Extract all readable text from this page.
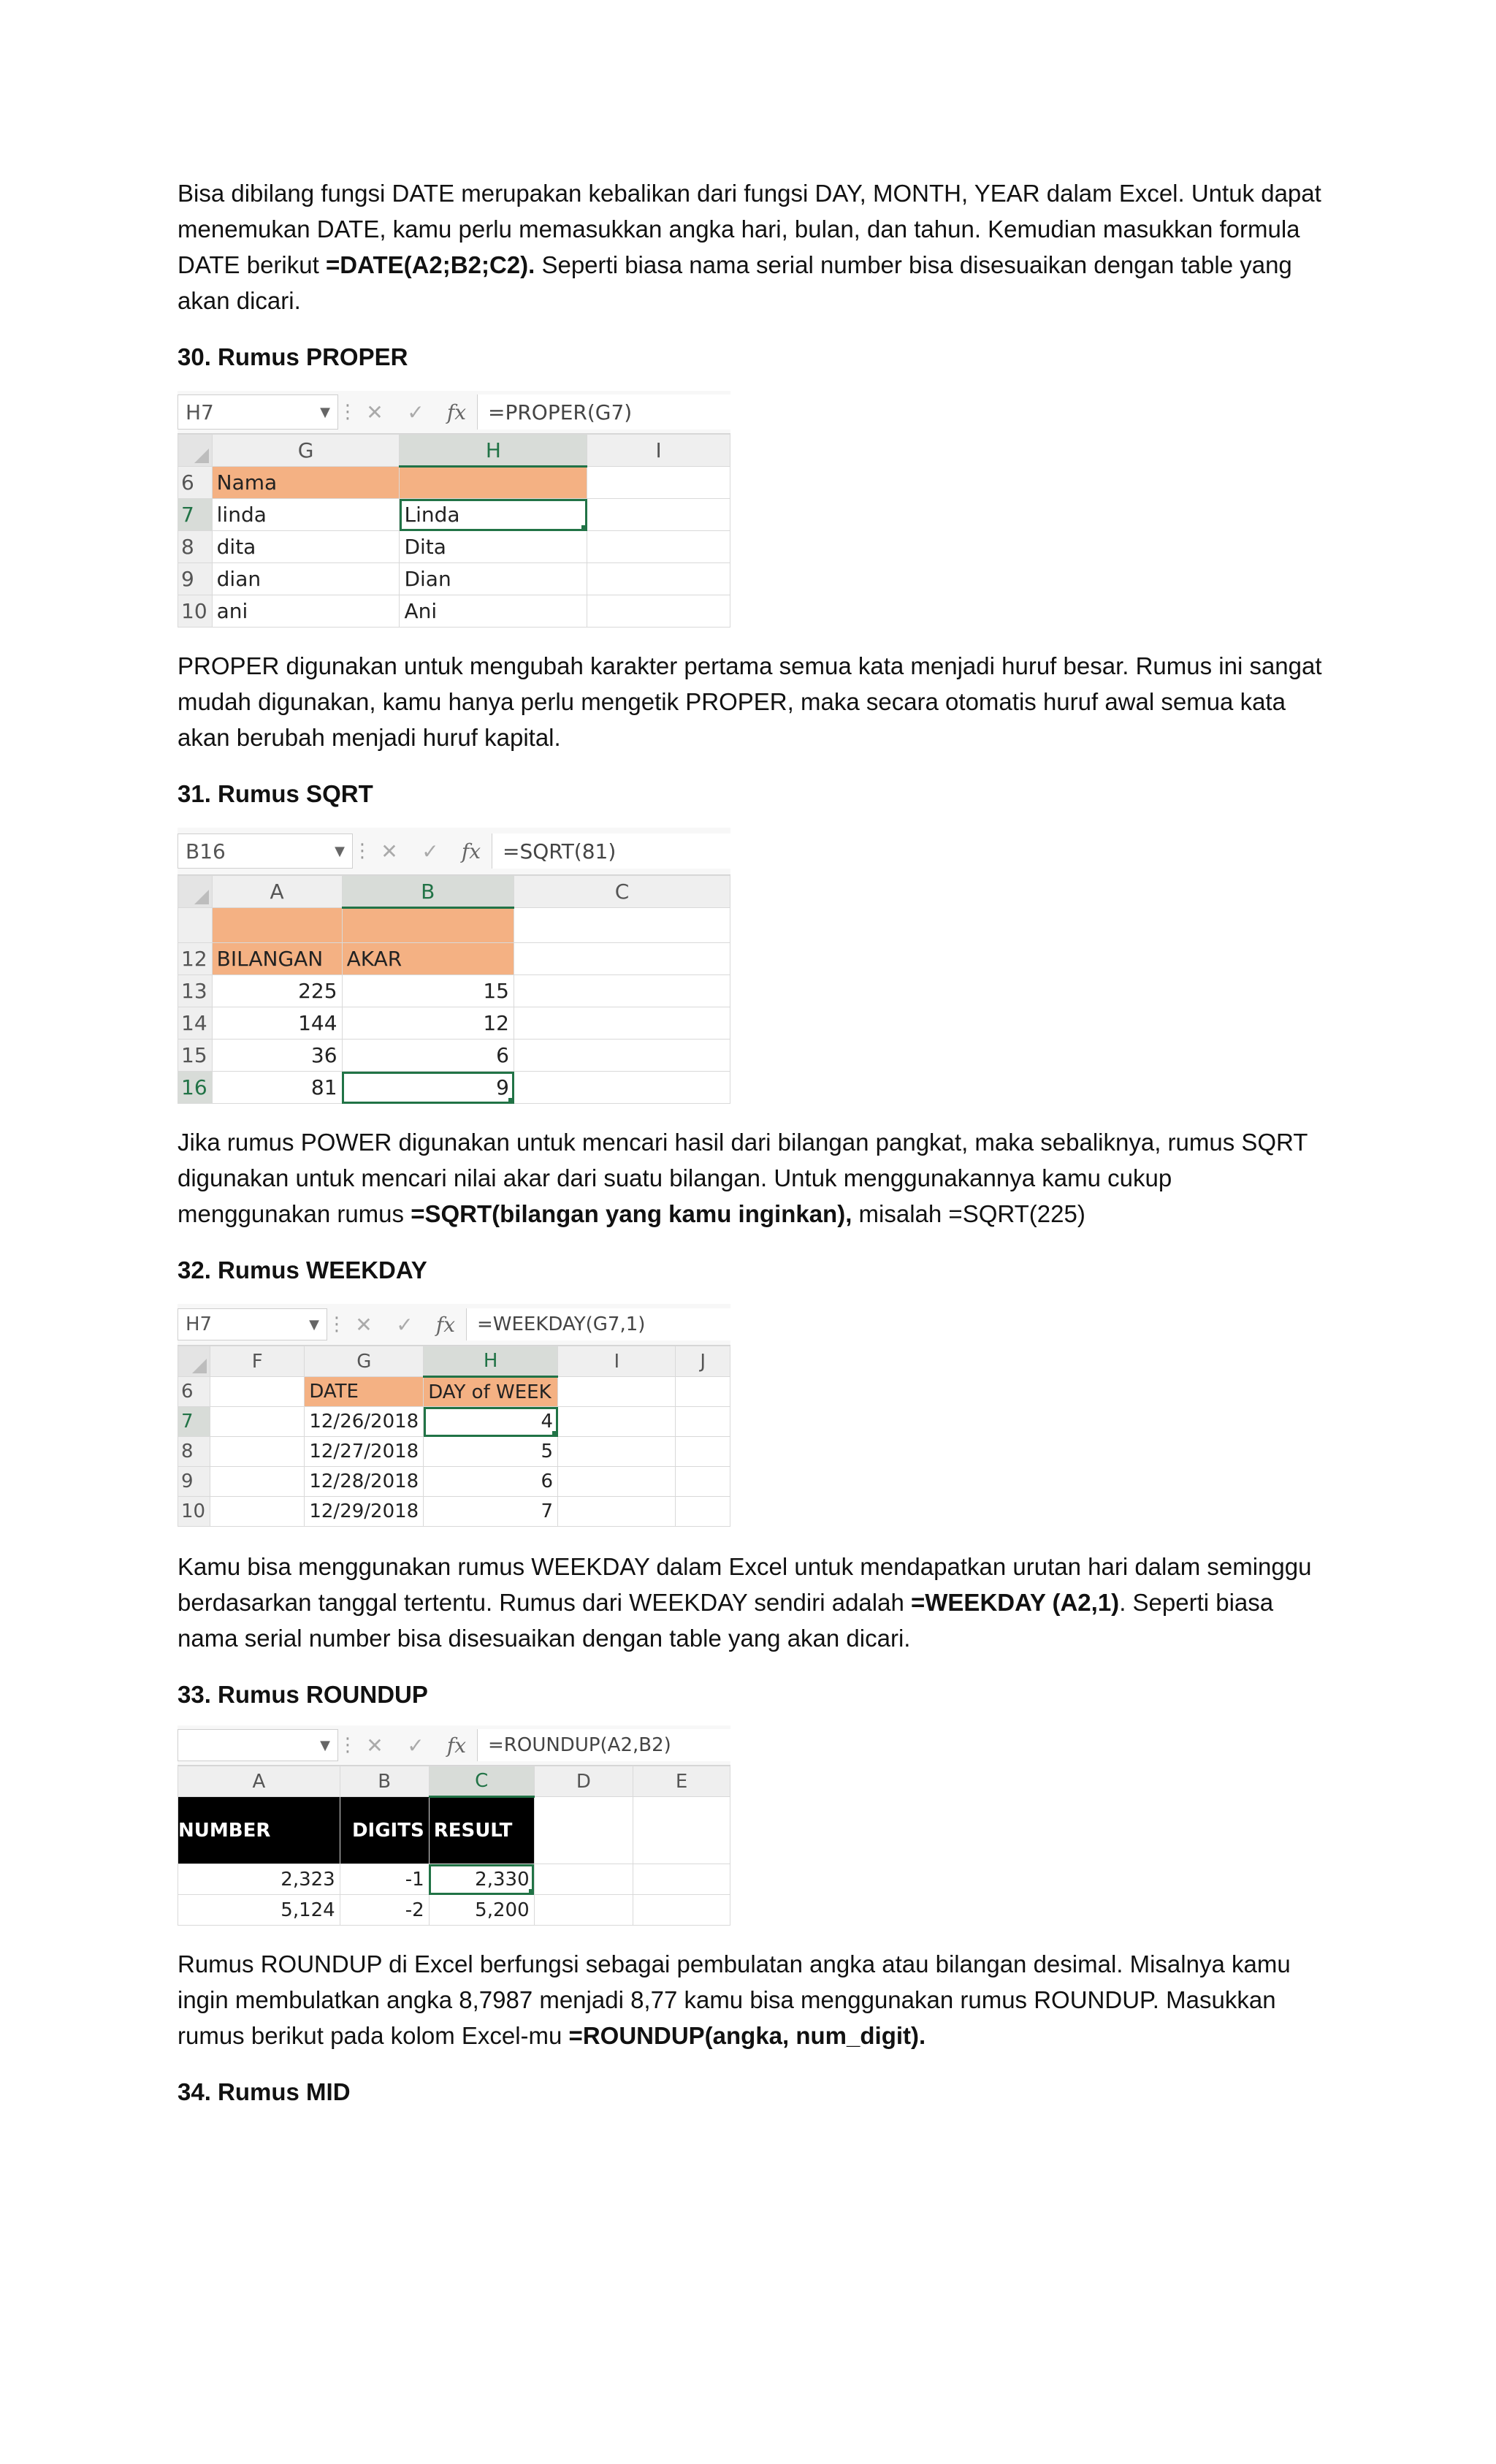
Bisa dibilang fungsi DATE merupakan kebalikan dari fungsi DAY, MONTH, YEAR dalam Excel. Untuk dapat menemukan DATE, kamu perlu memasukkan angka hari, bulan, dan tahun. Kemudian masukkan formula DATE berikut =DATE(A2;B2;C2). Seperti biasa nama serial number bisa disesuaikan dengan table yang akan dicari.

30. Rumus PROPER
H7	▼ ⋮ ✕	✓	fx	=PROPER(G7)
	G	H	I
6	Nama		
7	linda	Linda	
8	dita	Dita	
9	dian	Dian	
10	ani	Ani	

PROPER digunakan untuk mengubah karakter pertama semua kata menjadi huruf besar. Rumus ini sangat mudah digunakan, kamu hanya perlu mengetik PROPER, maka secara otomatis huruf awal semua kata akan berubah menjadi huruf kapital.

31. Rumus SQRT
B16	▼ ⋮ ✕	✓	fx	=SQRT(81)
	A	B	C

12	BILANGAN	AKAR	
13	225	15	
14	144	12	
15	36	6	
16	81	9	

Jika rumus POWER digunakan untuk mencari hasil dari bilangan pangkat, maka sebaliknya, rumus SQRT digunakan untuk mencari nilai akar dari suatu bilangan. Untuk menggunakannya kamu cukup menggunakan rumus =SQRT(bilangan yang kamu inginkan), misalah =SQRT(225)

32. Rumus WEEKDAY
H7	▼ ⋮ ✕	✓	fx	=WEEKDAY(G7,1)
	F	G	H	I	J
6		DATE	DAY of WEEK		
7		12/26/2018	4		
8		12/27/2018	5		
9		12/28/2018	6		
10		12/29/2018	7		

Kamu bisa menggunakan rumus WEEKDAY dalam Excel untuk mendapatkan urutan hari dalam seminggu berdasarkan tanggal tertentu. Rumus dari WEEKDAY sendiri adalah =WEEKDAY (A2,1). Seperti biasa nama serial number bisa disesuaikan dengan table yang akan dicari.

33. Rumus ROUNDUP
▼ ⋮ ✕	✓	fx	=ROUNDUP(A2,B2)
A	B	C	D	E
NUMBER	DIGITS	RESULT		
2,323	-1	2,330		
5,124	-2	5,200		

Rumus ROUNDUP di Excel berfungsi sebagai pembulatan angka atau bilangan desimal. Misalnya kamu ingin membulatkan angka 8,7987 menjadi 8,77 kamu bisa menggunakan rumus ROUNDUP. Masukkan rumus berikut pada kolom Excel-mu =ROUNDUP(angka, num_digit).

34. Rumus MID
